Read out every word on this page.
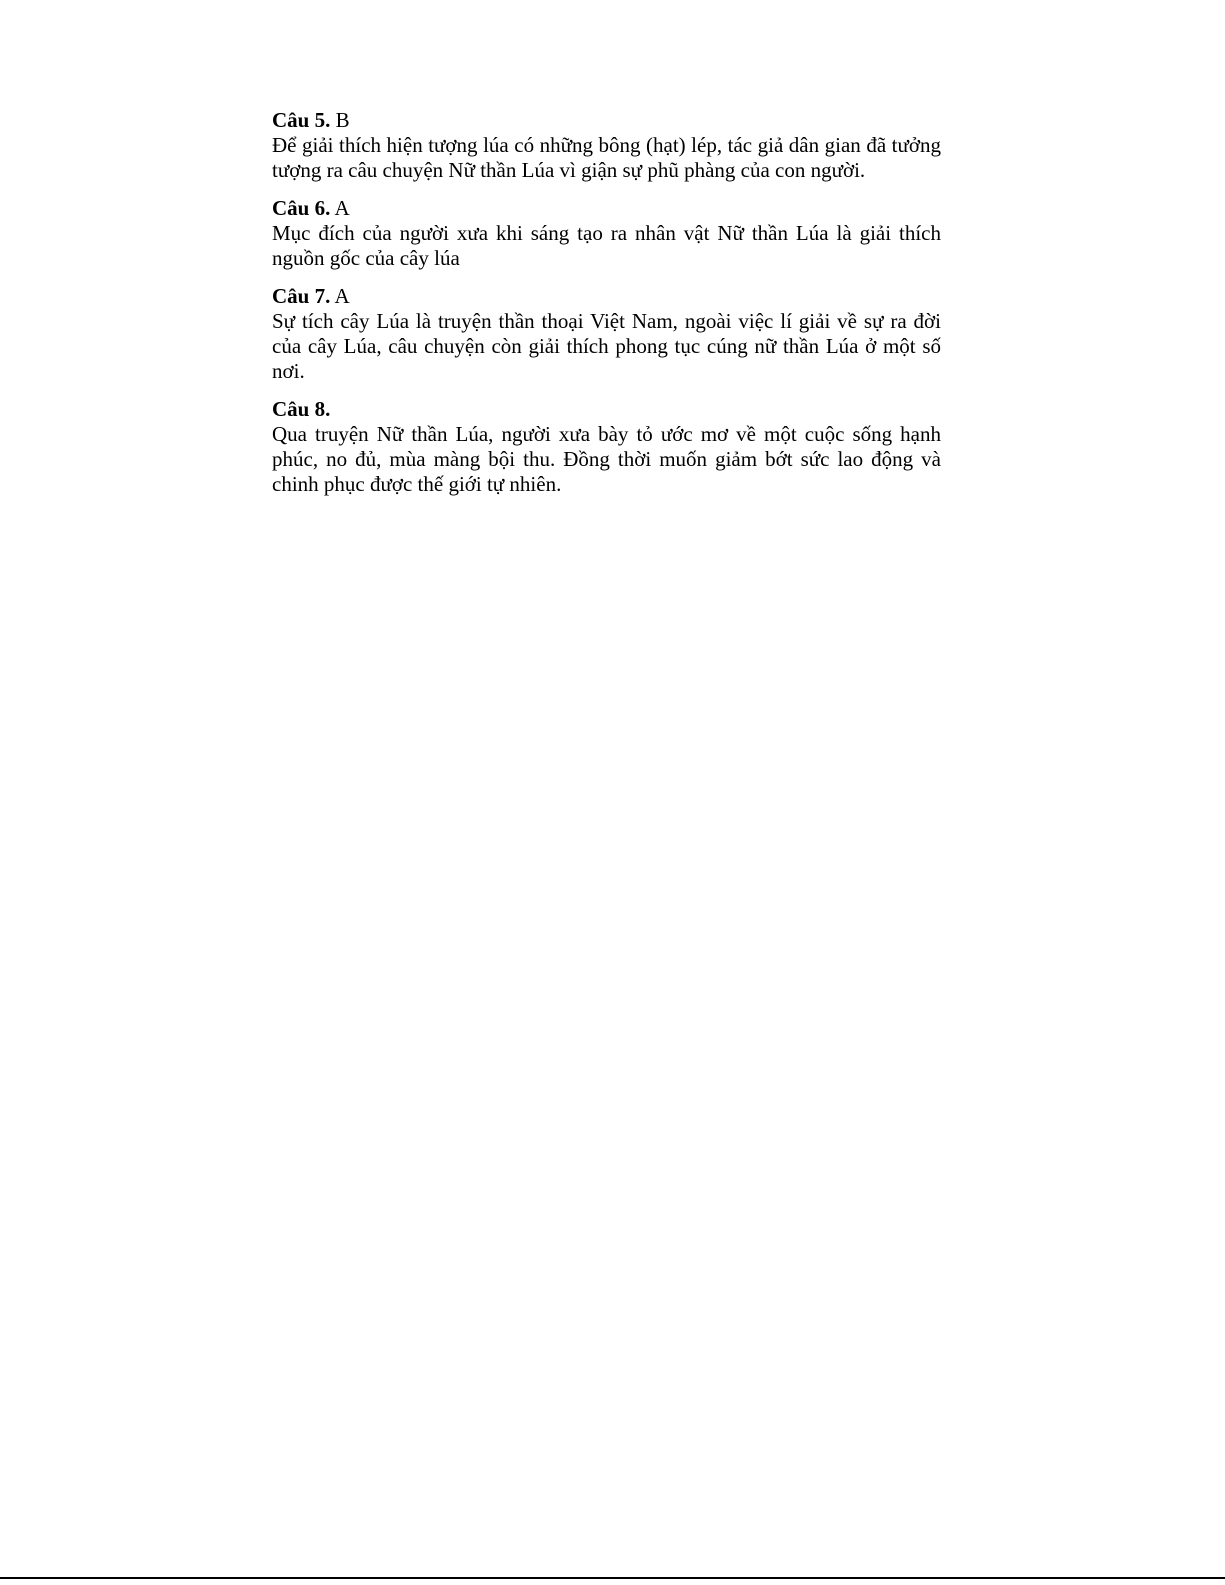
Câu 5. B

Để giải thích hiện tượng lúa có những bông (hạt) lép, tác giả dân gian đã tưởng tượng ra câu chuyện Nữ thần Lúa vì giận sự phũ phàng của con người.

Câu 6. A

Mục đích của người xưa khi sáng tạo ra nhân vật Nữ thần Lúa là giải thích nguồn gốc của cây lúa

Câu 7. A

Sự tích cây Lúa là truyện thần thoại Việt Nam, ngoài việc lí giải về sự ra đời của cây Lúa, câu chuyện còn giải thích phong tục cúng nữ thần Lúa ở một số nơi.

Câu 8.

Qua truyện Nữ thần Lúa, người xưa bày tỏ ước mơ về một cuộc sống hạnh phúc, no đủ, mùa màng bội thu. Đồng thời muốn giảm bớt sức lao động và chinh phục được thế giới tự nhiên.
